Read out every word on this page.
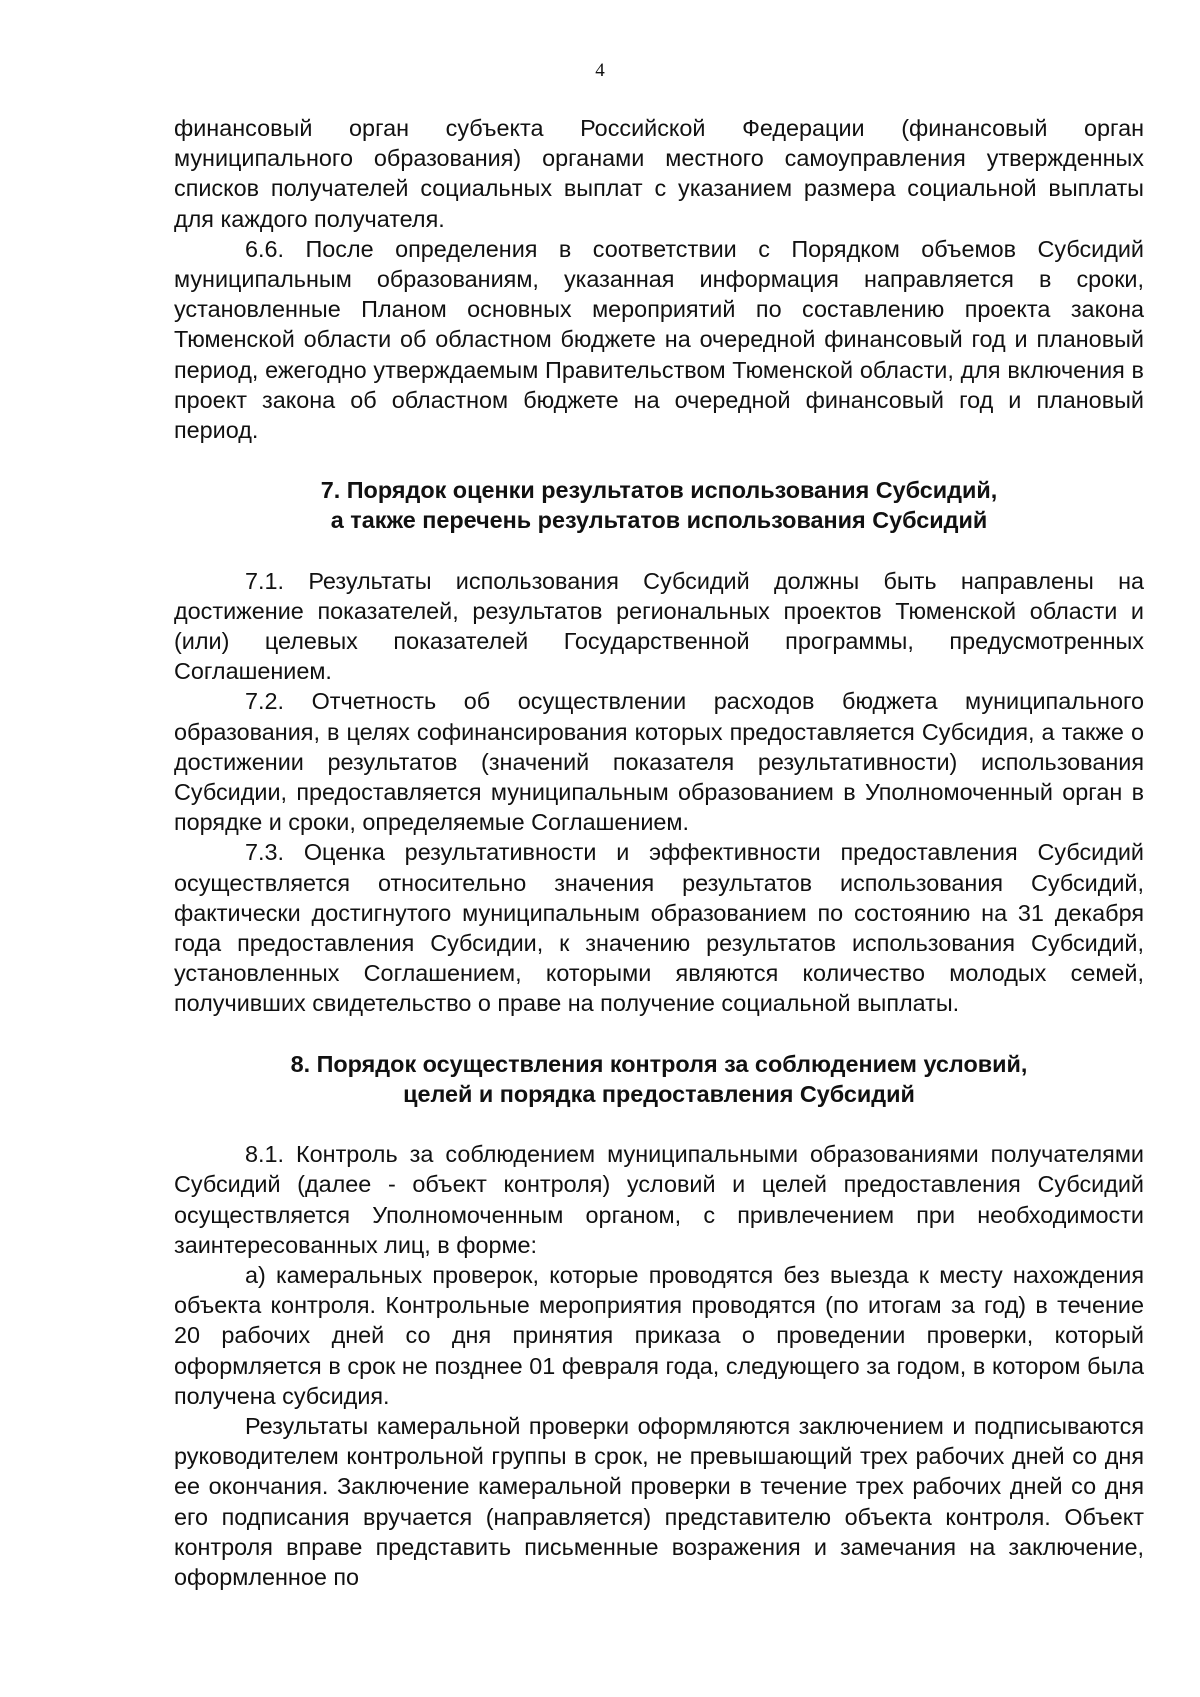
4

финансовый орган субъекта Российской Федерации (финансовый орган муниципального образования) органами местного самоуправления утвержденных списков получателей социальных выплат с указанием размера социальной выплаты для каждого получателя.

6.6. После определения в соответствии с Порядком объемов Субсидий муниципальным образованиям, указанная информация направляется в сроки, установленные Планом основных мероприятий по составлению проекта закона Тюменской области об областном бюджете на очередной финансовый год и плановый период, ежегодно утверждаемым Правительством Тюменской области, для включения в проект закона об областном бюджете на очередной финансовый год и плановый период.

7. Порядок оценки результатов использования Субсидий,
а также перечень результатов использования Субсидий

7.1. Результаты использования Субсидий должны быть направлены на достижение показателей, результатов региональных проектов Тюменской области и (или) целевых показателей Государственной программы, предусмотренных Соглашением.

7.2. Отчетность об осуществлении расходов бюджета муниципального образования, в целях софинансирования которых предоставляется Субсидия, а также о достижении результатов (значений показателя результативности) использования Субсидии, предоставляется муниципальным образованием в Уполномоченный орган в порядке и сроки, определяемые Соглашением.

7.3. Оценка результативности и эффективности предоставления Субсидий осуществляется относительно значения результатов использования Субсидий, фактически достигнутого муниципальным образованием по состоянию на 31 декабря года предоставления Субсидии, к значению результатов использования Субсидий, установленных Соглашением, которыми являются количество молодых семей, получивших свидетельство о праве на получение социальной выплаты.

8. Порядок осуществления контроля за соблюдением условий,
целей и порядка предоставления Субсидий

8.1. Контроль за соблюдением муниципальными образованиями получателями Субсидий (далее - объект контроля) условий и целей предоставления Субсидий осуществляется Уполномоченным органом, с привлечением при необходимости заинтересованных лиц, в форме:

а) камеральных проверок, которые проводятся без выезда к месту нахождения объекта контроля. Контрольные мероприятия проводятся (по итогам за год) в течение 20 рабочих дней со дня принятия приказа о проведении проверки, который оформляется в срок не позднее 01 февраля года, следующего за годом, в котором была получена субсидия.

Результаты камеральной проверки оформляются заключением и подписываются руководителем контрольной группы в срок, не превышающий трех рабочих дней со дня ее окончания. Заключение камеральной проверки в течение трех рабочих дней со дня его подписания вручается (направляется) представителю объекта контроля. Объект контроля вправе представить письменные возражения и замечания на заключение, оформленное по
